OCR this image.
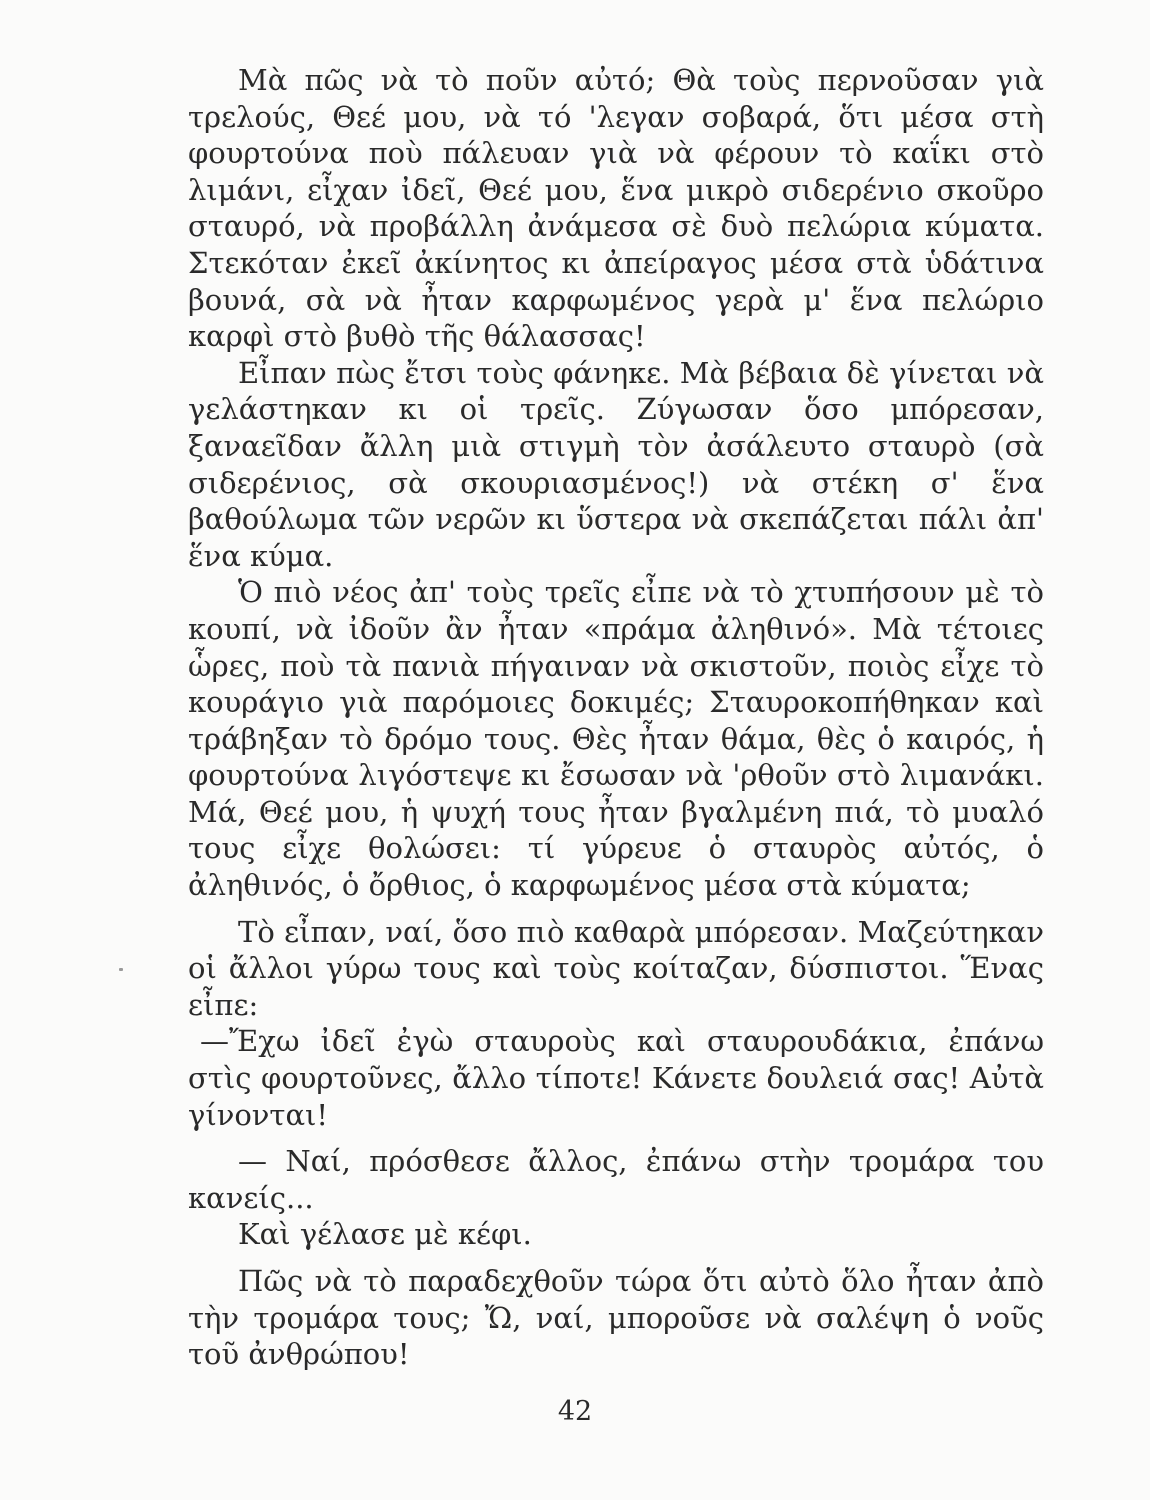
Μὰ πῶς νὰ τὸ ποῦν αὐτό; Θὰ τοὺς περνοῦσαν γιὰ τρελούς, Θεέ μου, νὰ τό 'λεγαν σοβαρά, ὅτι μέσα στὴ φουρτούνα ποὺ πάλευαν γιὰ νὰ φέρουν τὸ καΐκι στὸ λιμάνι, εἶχαν ἰδεῖ, Θεέ μου, ἕνα μικρὸ σιδερένιο σκοῦρο σταυρό, νὰ προβάλλη ἀνάμεσα σὲ δυὸ πελώρια κύματα. Στεκόταν ἐκεῖ ἀκίνητος κι ἀπείραγος μέσα στὰ ὑδάτινα βουνά, σὰ νὰ ἦταν καρφωμένος γερὰ μ' ἕνα πελώριο καρφὶ στὸ βυθὸ τῆς θάλασσας!

Εἶπαν πὼς ἔτσι τοὺς φάνηκε. Μὰ βέβαια δὲ γίνεται νὰ γελάστηκαν κι οἱ τρεῖς. Ζύγωσαν ὅσο μπόρεσαν, ξαναεῖδαν ἄλλη μιὰ στιγμὴ τὸν ἀσάλευτο σταυρὸ (σὰ σιδερένιος, σὰ σκουριασμένος!) νὰ στέκη σ' ἕνα βαθούλωμα τῶν νερῶν κι ὕστερα νὰ σκεπάζεται πάλι ἀπ' ἕνα κύμα.

Ὁ πιὸ νέος ἀπ' τοὺς τρεῖς εἶπε νὰ τὸ χτυπήσουν μὲ τὸ κουπί, νὰ ἰδοῦν ἂν ἦταν «πράμα ἀληθινό». Μὰ τέτοιες ὧρες, ποὺ τὰ πανιὰ πήγαιναν νὰ σκιστοῦν, ποιὸς εἶχε τὸ κουράγιο γιὰ παρόμοιες δοκιμές; Σταυροκοπήθηκαν καὶ τράβηξαν τὸ δρόμο τους. Θὲς ἦταν θάμα, θὲς ὁ καιρός, ἡ φουρτούνα λιγόστεψε κι ἔσωσαν νὰ 'ρθοῦν στὸ λιμανάκι. Μά, Θεέ μου, ἡ ψυχή τους ἦταν βγαλμένη πιά, τὸ μυαλό τους εἶχε θολώσει: τί γύρευε ὁ σταυρὸς αὐτός, ὁ ἀληθινός, ὁ ὄρθιος, ὁ καρφωμένος μέσα στὰ κύματα;

Τὸ εἶπαν, ναί, ὅσο πιὸ καθαρὰ μπόρεσαν. Μαζεύτηκαν οἱ ἄλλοι γύρω τους καὶ τοὺς κοίταζαν, δύσπιστοι. Ἕνας εἶπε:

—Ἔχω ἰδεῖ ἐγὼ σταυροὺς καὶ σταυρουδάκια, ἐπάνω στὶς φουρτοῦνες, ἄλλο τίποτε! Κάνετε δουλειά σας! Αὐτὰ γίνονται!

— Ναί, πρόσθεσε ἄλλος, ἐπάνω στὴν τρομάρα του κανείς...

Καὶ γέλασε μὲ κέφι.

Πῶς νὰ τὸ παραδεχθοῦν τώρα ὅτι αὐτὸ ὅλο ἦταν ἀπὸ τὴν τρομάρα τους; Ὤ, ναί, μποροῦσε νὰ σαλέψη ὁ νοῦς τοῦ ἀνθρώπου!

42
